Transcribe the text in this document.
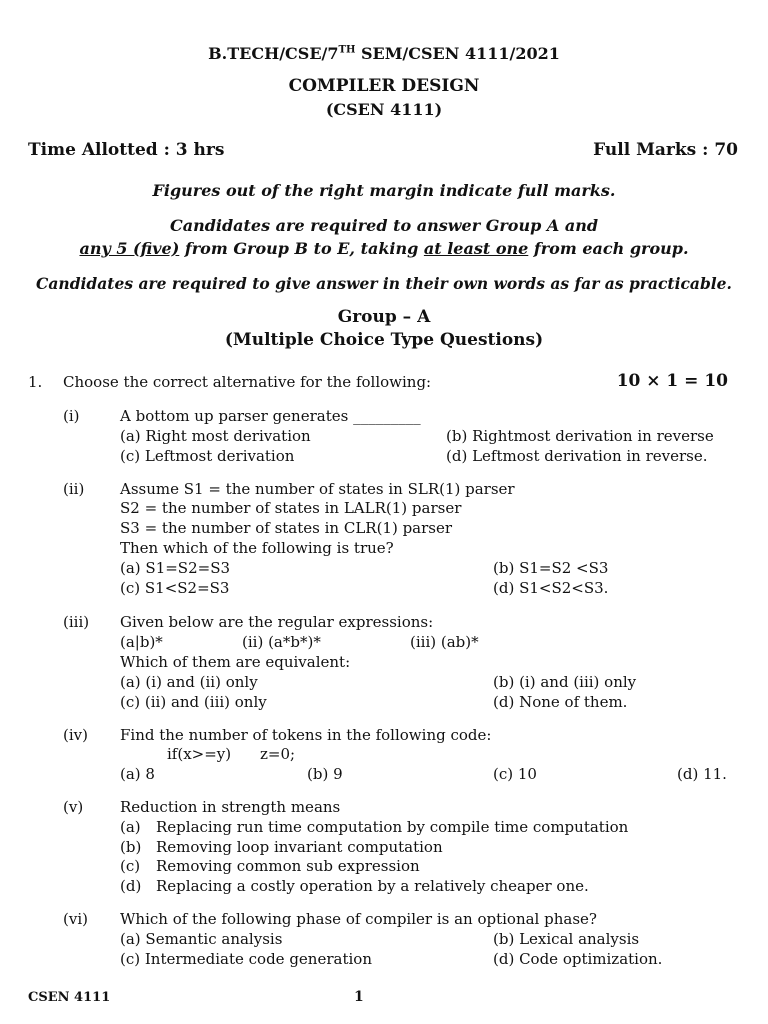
B.TECH/CSE/7TH SEM/CSEN 4111/2021
COMPILER DESIGN
(CSEN 4111)
Time Allotted : 3 hrs	Full Marks : 70
Figures out of the right margin indicate full marks.
Candidates are required to answer Group A and
any 5 (five) from Group B to E, taking at least one from each group.
Candidates are required to give answer in their own words as far as practicable.
Group – A
(Multiple Choice Type Questions)
1. Choose the correct alternative for the following:	10 × 1 = 10
(i)	A bottom up parser generates _________
(a) Right most derivation	(b) Rightmost derivation in reverse
(c) Leftmost derivation	(d) Leftmost derivation in reverse.
(ii) Assume S1 = the number of states in SLR(1) parser
S2 = the number of states in LALR(1) parser
S3 = the number of states in CLR(1) parser
Then which of the following is true?
(a) S1=S2=S3	(b) S1=S2 <S3
(c) S1<S2=S3	(d) S1<S2<S3.
(iii) Given below are the regular expressions:
(a|b)*	(ii) (a*b*)*	(iii) (ab)*
Which of them are equivalent:
(a) (i) and (ii) only	(b) (i) and (iii) only
(c) (ii) and (iii) only	(d) None of them.
(iv) Find the number of tokens in the following code:
if(x>=y) z=0;
(a) 8	(b) 9	(c) 10	(d) 11.
(v) Reduction in strength means
(a) Replacing run time computation by compile time computation
(b) Removing loop invariant computation
(c) Removing common sub expression
(d) Replacing a costly operation by a relatively cheaper one.
(vi) Which of the following phase of compiler is an optional phase?
(a) Semantic analysis	(b) Lexical analysis
(c) Intermediate code generation	(d) Code optimization.
CSEN 4111	1
